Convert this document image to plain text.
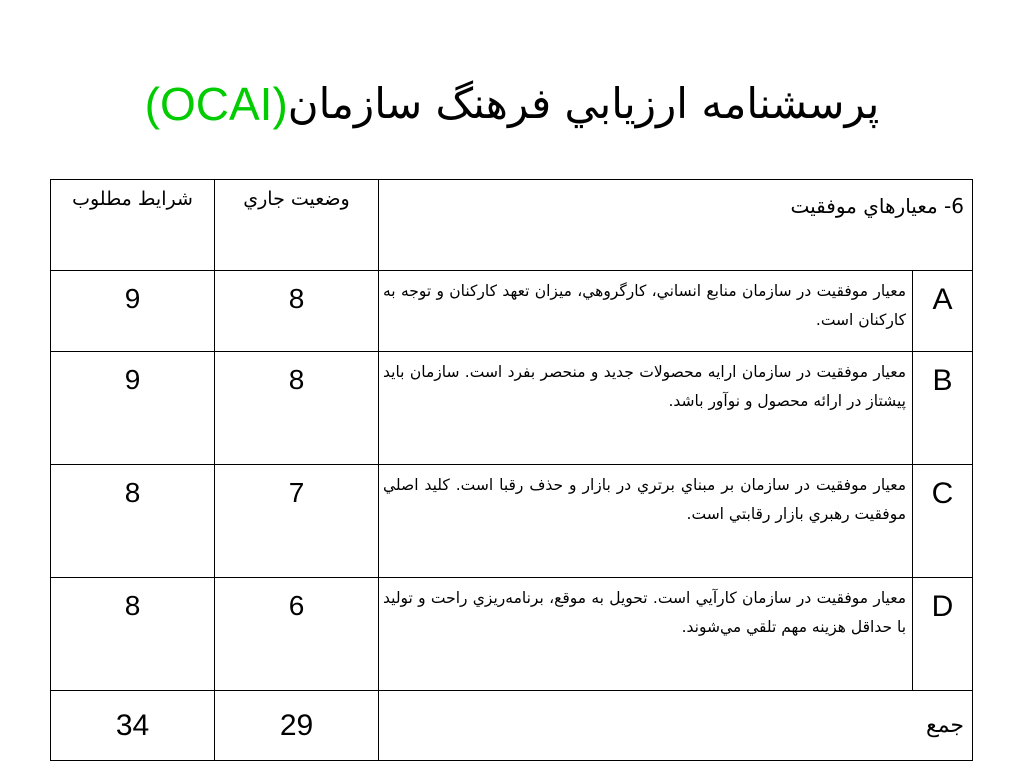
پرسشنامه ارزيابي فرهنگ سازمان
(OCAI)
6- معيارهاي موفقيت		وضعيت جاري	شرايط مطلوب
A	معيار موفقيت در سازمان منابع انساني، كارگروهي، ميزان تعهد كاركنان و توجه به كاركنان است.	8	9
B	معيار موفقيت در سازمان ارايه محصولات جديد و منحصر بفرد است. سازمان بايد پيشتاز در ارائه محصول و نوآور باشد.	8	9
C	معيار موفقيت در سازمان بر مبناي برتري در بازار و حذف رقبا است. كليد اصلي موفقيت رهبري بازار رقابتي است.	7	8
D	معيار موفقيت در سازمان كارآيي است. تحويل به موقع، برنامه‌ريزي راحت و توليد با حداقل هزينه مهم تلقي مي‌شوند.	6	8
جمع		29	34
